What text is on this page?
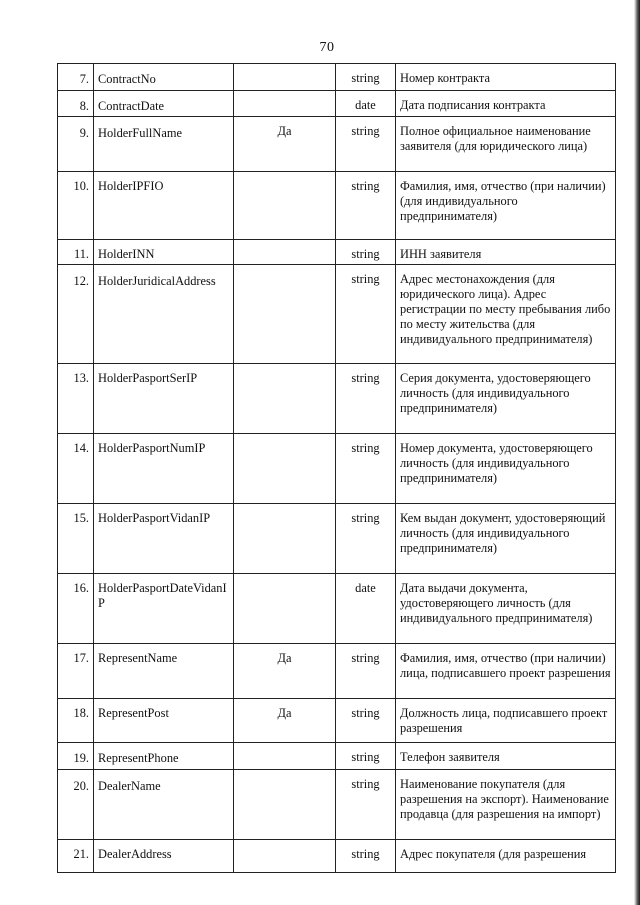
70
7.	ContractNo		string	Номер контракта
8.	ContractDate		date	Дата подписания контракта
9.	HolderFullName	Да	string	Полное официальное наименование заявителя (для юридического лица)
10.	HolderIPFIO		string	Фамилия, имя, отчество (при наличии) (для индивидуального предпринимателя)
11.	HolderINN		string	ИНН заявителя
12.	HolderJuridicalAddress		string	Адрес местонахождения (для юридического лица). Адрес регистрации по месту пребывания либо по месту жительства (для индивидуального предпринимателя)
13.	HolderPasportSerIP		string	Серия документа, удостоверяющего личность (для индивидуального предпринимателя)
14.	HolderPasportNumIP		string	Номер документа, удостоверяющего личность (для индивидуального предпринимателя)
15.	HolderPasportVidanIP		string	Кем выдан документ, удостоверяющий личность (для индивидуального предпринимателя)
16.	HolderPasportDateVidanIP		date	Дата выдачи документа, удостоверяющего личность (для индивидуального предпринимателя)
17.	RepresentName	Да	string	Фамилия, имя, отчество (при наличии) лица, подписавшего проект разрешения
18.	RepresentPost	Да	string	Должность лица, подписавшего проект разрешения
19.	RepresentPhone		string	Телефон заявителя
20.	DealerName		string	Наименование покупателя (для разрешения на экспорт). Наименование продавца (для разрешения на импорт)
21.	DealerAddress		string	Адрес покупателя (для разрешения
